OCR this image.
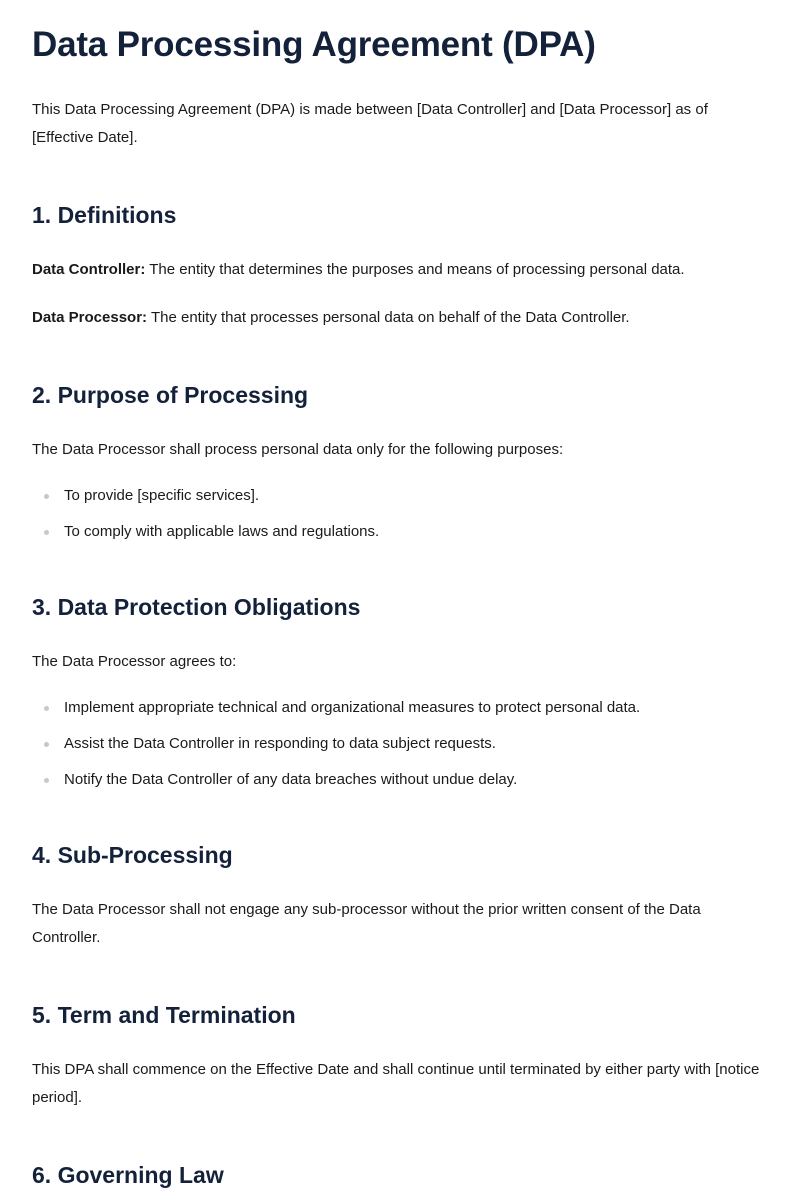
Data Processing Agreement (DPA)

This Data Processing Agreement (DPA) is made between [Data Controller] and [Data Processor] as of [Effective Date].

1. Definitions

Data Controller: The entity that determines the purposes and means of processing personal data.

Data Processor: The entity that processes personal data on behalf of the Data Controller.

2. Purpose of Processing

The Data Processor shall process personal data only for the following purposes:

To provide [specific services].
To comply with applicable laws and regulations.
3. Data Protection Obligations

The Data Processor agrees to:

Implement appropriate technical and organizational measures to protect personal data.
Assist the Data Controller in responding to data subject requests.
Notify the Data Controller of any data breaches without undue delay.
4. Sub-Processing

The Data Processor shall not engage any sub-processor without the prior written consent of the Data Controller.

5. Term and Termination

This DPA shall commence on the Effective Date and shall continue until terminated by either party with [notice period].

6. Governing Law
